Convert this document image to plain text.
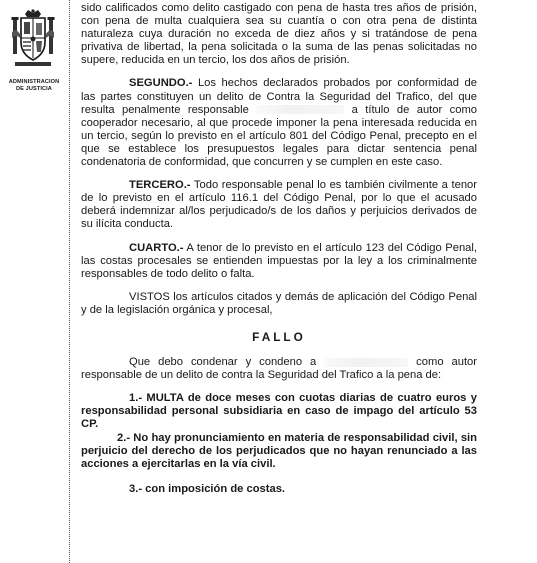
ADMINISTRACION
DE JUSTICIA

sido calificados como delito castigado con pena de hasta tres años de prisión, con pena de multa cualquiera sea su cuantía o con otra pena de distinta naturaleza cuya duración no exceda de diez años y si tratándose de pena privativa de libertad, la pena solicitada o la suma de las penas solicitadas no supere, reducida en un tercio, los dos años de prisión.

SEGUNDO.- Los hechos declarados probados por conformidad de las partes constituyen un delito de Contra la Seguridad del Trafico, del que resulta penalmente responsable	a título de autor como cooperador necesario, al que procede imponer la pena interesada reducida en un tercio, según lo previsto en el artículo 801 del Código Penal, precepto en el que se establece los presupuestos legales para dictar sentencia penal condenatoria de conformidad, que concurren y se cumplen en este caso.

TERCERO.- Todo responsable penal lo es también civilmente a tenor de lo previsto en el artículo 116.1 del Código Penal, por lo que el acusado deberá indemnizar al/los perjudicado/s de los daños y perjuicios derivados de su ilícita conducta.

CUARTO.- A tenor de lo previsto en el artículo 123 del Código Penal, las costas procesales se entienden impuestas por la ley a los criminalmente responsables de todo delito o falta.

VISTOS los artículos citados y demás de aplicación del Código Penal y de la legislación orgánica y procesal,

FALLO

Que debo condenar y condeno a	como autor responsable de un delito de contra la Seguridad del Trafico a la pena de:

1.- MULTA de doce meses con cuotas diarias de cuatro euros y responsabilidad personal subsidiaria en caso de impago del artículo 53 CP.

2.- No hay pronunciamiento en materia de responsabilidad civil, sin perjuicio del derecho de los perjudicados que no hayan renunciado a las acciones a ejercitarlas en la vía civil.

3.- con imposición de costas.
